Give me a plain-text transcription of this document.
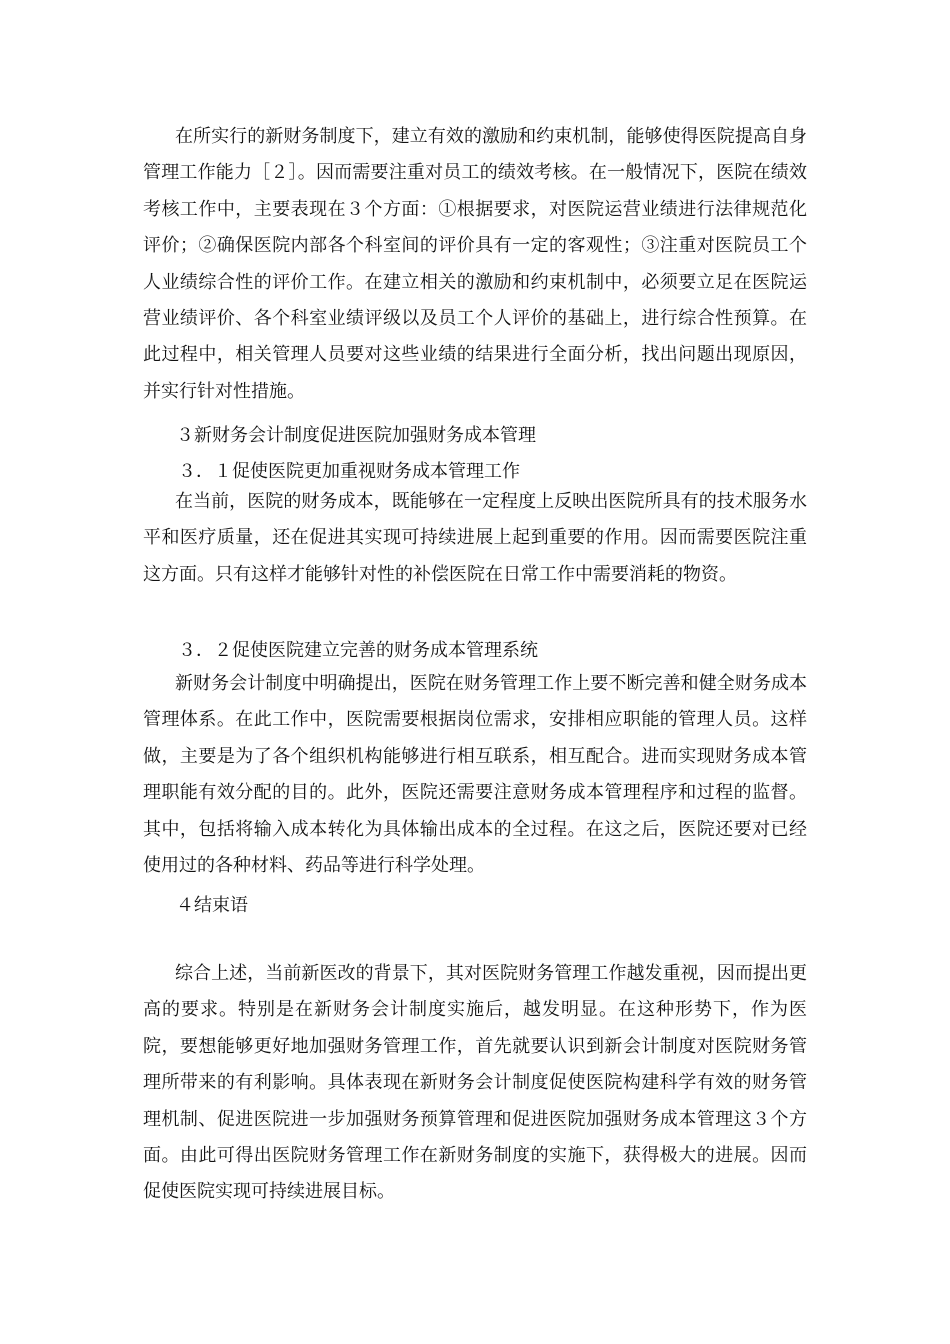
在所实行的新财务制度下，建立有效的激励和约束机制，能够使得医院提高自身管理工作能力［２］。因而需要注重对员工的绩效考核。在一般情况下，医院在绩效考核工作中，主要表现在３个方面：①根据要求，对医院运营业绩进行法律规范化评价；②确保医院内部各个科室间的评价具有一定的客观性；③注重对医院员工个人业绩综合性的评价工作。在建立相关的激励和约束机制中，必须要立足在医院运营业绩评价、各个科室业绩评级以及员工个人评价的基础上，进行综合性预算。在此过程中，相关管理人员要对这些业绩的结果进行全面分析，找出问题出现原因，并实行针对性措施。

３新财务会计制度促进医院加强财务成本管理

３．１促使医院更加重视财务成本管理工作

在当前，医院的财务成本，既能够在一定程度上反映出医院所具有的技术服务水平和医疗质量，还在促进其实现可持续进展上起到重要的作用。因而需要医院注重这方面。只有这样才能够针对性的补偿医院在日常工作中需要消耗的物资。

３．２促使医院建立完善的财务成本管理系统

新财务会计制度中明确提出，医院在财务管理工作上要不断完善和健全财务成本管理体系。在此工作中，医院需要根据岗位需求，安排相应职能的管理人员。这样做，主要是为了各个组织机构能够进行相互联系，相互配合。进而实现财务成本管理职能有效分配的目的。此外，医院还需要注意财务成本管理程序和过程的监督。其中，包括将输入成本转化为具体输出成本的全过程。在这之后，医院还要对已经使用过的各种材料、药品等进行科学处理。

４结束语

综合上述，当前新医改的背景下，其对医院财务管理工作越发重视，因而提出更高的要求。特别是在新财务会计制度实施后，越发明显。在这种形势下，作为医院，要想能够更好地加强财务管理工作，首先就要认识到新会计制度对医院财务管理所带来的有利影响。具体表现在新财务会计制度促使医院构建科学有效的财务管理机制、促进医院进一步加强财务预算管理和促进医院加强财务成本管理这３个方面。由此可得出医院财务管理工作在新财务制度的实施下，获得极大的进展。因而促使医院实现可持续进展目标。
